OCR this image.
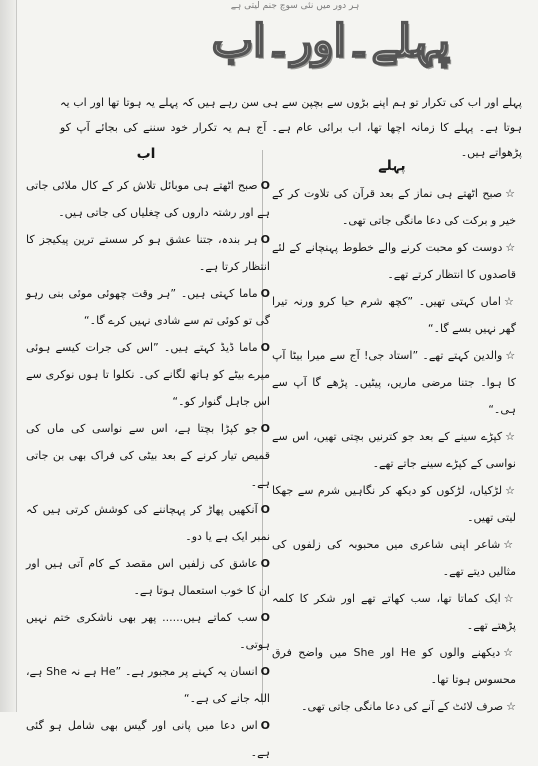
ہر دور میں نئی سوچ جنم لیتی ہے
پہلے۔اور۔اب
پہلے اور اب کی تکرار تو ہم اپنے بڑوں سے بچپن سے ہی سن رہے ہیں کہ پہلے یہ ہوتا تھا اور اب یہ ہوتا ہے۔ پہلے کا زمانہ اچھا تھا، اب برائی عام ہے۔ آج ہم یہ تکرار خود سننے کی بجائے آپ کو پڑھواتے ہیں۔
پہلے
اب
☆صبح اٹھتے ہی نماز کے بعد قرآن کی تلاوت کر کے خیر و برکت کی دعا مانگی جاتی تھی۔
☆دوست کو محبت کرنے والے خطوط پہنچانے کے لئے قاصدوں کا انتظار کرتے تھے۔
☆اماں کہتی تھیں۔ ”کچھ شرم حیا کرو ورنہ تیرا گھر نہیں بسے گا۔“
☆والدین کہتے تھے۔ ”استاد جی! آج سے میرا بیٹا آپ کا ہوا۔ جتنا مرضی ماریں، پیٹیں۔ پڑھے گا آپ سے ہی۔“
☆کپڑے سینے کے بعد جو کترنیں بچتی تھیں، اس سے نواسی کے کپڑے سینے جاتے تھے۔
☆لڑکیاں، لڑکوں کو دیکھ کر نگاہیں شرم سے جھکا لیتی تھیں۔
☆شاعر اپنی شاعری میں محبوبہ کی زلفوں کی مثالیں دیتے تھے۔
☆ایک کماتا تھا، سب کھاتے تھے اور شکر کا کلمہ پڑھتے تھے۔
☆دیکھنے والوں کو He اور She میں واضح فرق محسوس ہوتا تھا۔
☆صرف لائٹ کے آنے کی دعا مانگی جاتی تھی۔
Oصبح اٹھتے ہی موبائل تلاش کر کے کال ملائی جاتی ہے اور رشتہ داروں کی چغلیاں کی جاتی ہیں۔
Oہر بندہ، جتنا عشق ہو کر سستے ترین پیکیجز کا انتظار کرتا ہے۔
Oماما کہتی ہیں۔ ”ہر وقت چھوئی موئی بنی رہو گی تو کوئی تم سے شادی نہیں کرے گا۔“
Oماما ڈیڈ کہتے ہیں۔ ”اس کی جرات کیسے ہوئی میرے بیٹے کو ہاتھ لگانے کی۔ نکلوا تا ہوں نوکری سے اس جاہل گنوار کو۔“
Oجو کپڑا بچتا ہے، اس سے نواسی کی ماں کی قمیص تیار کرنے کے بعد بیٹی کی فراک بھی بن جاتی ہے۔
Oآنکھیں پھاڑ کر پہچاننے کی کوشش کرتی ہیں کہ نمبر ایک ہے یا دو۔
Oعاشق کی زلفیں اس مقصد کے کام آتی ہیں اور ان کا خوب استعمال ہوتا ہے۔
Oسب کماتے ہیں...... پھر بھی ناشکری ختم نہیں ہوتی۔
Oانسان یہ کہنے پر مجبور ہے۔ ”He ہے نہ She ہے، اللہ جانے کی ہے۔“
Oاس دعا میں پانی اور گیس بھی شامل ہو گئی ہے۔
